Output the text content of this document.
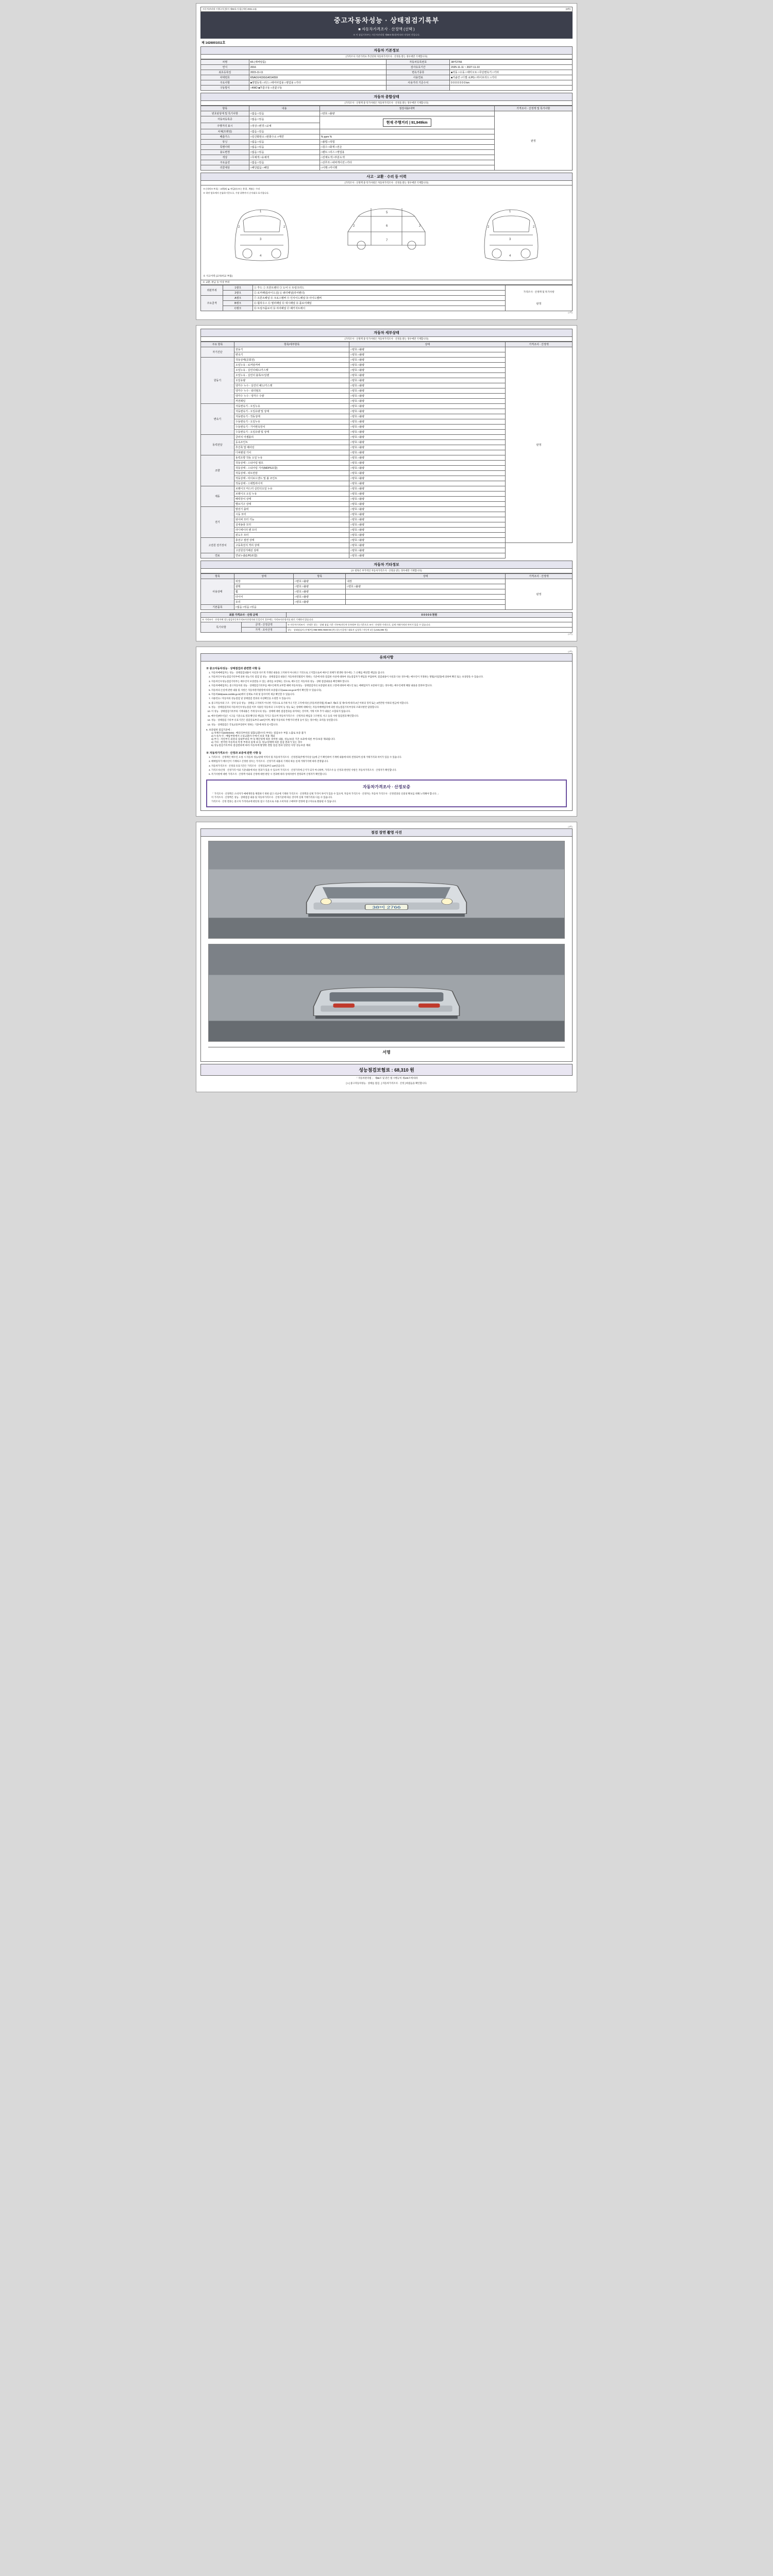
자동차관리법 시행규칙 [별지 제82호서식] (개정 2021.1.5)	(3쪽)
중고자동차성능 · 상태점검기록부
■ 자동차가격조사 · 산정액 (선택 )
※ 이 점검기록부는 자동차관리법 제58조제1항에 따라 작성된 것입니다.
제 1426001011호
자동차 기본정보
(가격조사 기준가격표 추산단위 자동차가격조사 · 산정을 받는 경우에만 기재합니다)
차명	K5 (세버알룸)	자동차등록번호	38머2766
연식	2016	검사유효기간	2025-11-11 ~ 2027-11-10
최초등록일	2015-11-11	변속기종류	■자동 □수동 □세미오토 □무단변속기 □기타
차대번호	KNAGV419GG401409X	사용연료	■가솔린 □디젤 □LPG □하이브리드 □기타
주요사항	■정밀등록 □리스 □대여사업용 □영업용 □기타	사용거리 기준수치	0 0 0 0 0 0 0 km
구동방식	□4WD ■후륜구동 □전륜구동		
자동차 종합상태
(가격조사 · 산정액 중 특가사항은 자동차가격조사 · 산정을 받는 경우에만 기재합니다)
항목	내용	점검내용/내역	가격조사 · 산정액 및 특가사항
번호판상태 및 특기사항	□없음 □있음	□양호 □불량	판정
자동차등록증	□없음 □있음	현재 주행거리 | 91,949km	
주행거리 표시	□정상 □변경 □교체		
차체(프레임)	□없음 □있음		
배출가스	□일산화탄소 □탄화수소 □매연	% ppm %	
튜닝	□없음 □있음	□불법 □적법	
특별이력	□없음 □있음	□침수 □화재 □전손	
용도변경	□없음 □있음	□렌트 □리스 □영업용	
색상	□무채색 □유채색	□전체도색 □부분도색	
주요옵션	□없음 □있음	□선루프 □내비게이션 □기타	
리콜대상	□해당없음 □해당	□이행 □미이행	
사고 · 교환 · 수리 등 이력
(가격조사 · 산정액 중 특가사항은 자동차가격조사 · 산정을 받는 경우에만 기재합니다)
※ (내제 X 부호) : 교환(X) ▲ 판금(A) 또는 용접 , 복(C) : 수리
※ 하단 암호에서 손톱하기준으로, 가장 위쪽까지 순서대로 표기합니다.
1
2	2
3
4
5
6
7
2	2
1
2	2
3
4
※ 사고이력 (교차/비교 부품)
※ 교환, 판금 등 이상 부위
외판부위	1랭크	① 후드 ② 프론트펜더 ③ 도어 ④ 트렁크리드	가격조사 · 산정액 및 특가사항
판정

	2랭크	⑤ 로커패널(사이드실) ⑥ 쿼터패널(리어펜더)	
주요골격	A랭크	⑦ 프론트패널 ⑧ 크로스멤버 ⑨ 인사이드패널 ⑩ 사이드멤버	
	B랭크	⑪ 휠하우스 ⑫ 필러패널 ⑬ 대시패널 ⑭ 플로어패널	
	C랭크	⑮ 트렁크플로어 ⑯ 리어패널 ⑰ 패키지트레이	
(1쪽)
자동차 세부상태
(가격조사 · 산정액 중 특가사항은 자동차가격조사 · 산정을 받는 경우에만 기재합니다)
주요 항목	항목/세부항목	상태	가격조사 · 산정액
자기진단	원동기	□양호 □불량	판정
	변속기	□양호 □불량	
원동기	작동상태(공회전)	□양호 □불량	
	오일누유 - 로커암커버	□양호 □불량	
	오일누유 - 실린더헤드/가스켓	□양호 □불량	
	오일누유 - 실린더 블록/오일팬	□양호 □불량	
	오일유량	□양호 □불량	
	냉각수 누수 - 실린더 헤드/가스켓	□양호 □불량	
	냉각수 누수 - 워터펌프	□양호 □불량	
	냉각수 누수 - 냉각수 수량	□양호 □불량	
	커먼레일	□양호 □불량	
변속기	자동변속기 - 오일누유	□양호 □불량	
	자동변속기 - 오일유량 및 상태	□양호 □불량	
	자동변속기 - 작동상태	□양호 □불량	
	수동변속기 - 오일누유	□양호 □불량	
	수동변속기 - 기어변속장치	□양호 □불량	
	수동변속기 - 오일유량 및 상태	□양호 □불량	
동력전달	클러치 어셈블리	□양호 □불량	
	등속조인트	□양호 □불량	
	추진축 및 베어링	□양호 □불량	
	디퍼렌셜 기어	□양호 □불량	
조향	동력조향 작동 오일 누유	□양호 □불량	
	작동상태 - 스티어링 펌프	□양호 □불량	
	작동상태 - 스티어링 기어(MDPS포함)	□양호 □불량	
	작동상태 - 피트먼암	□양호 □불량	
	작동상태 - 타이로드엔드 및 볼 조인트	□양호 □불량	
	작동상태 - 스테빌라이저	□양호 □불량	
제동	브레이크 마스터 실린더오일 누유	□양호 □불량	
	브레이크 오일 누유	□양호 □불량	
	배력장치 상태	□양호 □불량	
	밸브기구 상태	□양호 □불량	
전기	발전기 출력	□양호 □불량	
	시동 모터	□양호 □불량	
	와이퍼 모터 기능	□양호 □불량	
	실내송풍 모터	□양호 □불량	
	라디에이터 팬 모터	□양호 □불량	
	윈도우 모터	□양호 □불량	
고전원 전기장치	충전구 절연 상태	□양호 □불량	
	구동축전지 격리 상태	□양호 □불량	
	고전원전기배선 상태	□양호 □불량	
연료	연료누출(LPG포함)	□양호 □불량	
자동차 기타정보
(※ 항목은 부가적인 자동차가격조사 · 산정을 받는 경우에만 기재합니다)
항목	상태	항목	상태	가격조사 · 산정액
사용상태	외장	□양호 □불량	내장	판정
	광택	□양호 □불량	□양호 □불량	
	휠	□양호 □불량		
	타이어	□양호 □불량		
	유리	□양호 □불량		
기본품목	□없음 □있음 □있음			
최종 가격조사 · 산정 금액		0 0 0 0 0 천원
※ 가격조사 · 산정자에 성능점검자동차가격조사산정자와 동일인이 경우에는 가격조사산정자를 따로 기재하지 않습니다.		
특기사항	금액 - 산정금액	※ 자동차가격조사 · 산정은 성능 · 상태 점검 기준 기록부(자동차 등록원부 등) 기준으로 조사 · 산정한 가격으로, 실제 거래가격과 차이가 있을 수 있습니다.
	가격 · 조사산정	성능 · 상태점검자 (서명/인) 055-0091-6026-03 (주) 성능인증원 / 대표자 김성욱 / 자동차 1동 (1,531,694 원)
(1쪽)
(2쪽)
유의사항
※ 중고자동차성능 · 상태점검과 관련한 사항 등
1. 자동차매매업자는 성능 · 상태점검내용이 사실과 다르게 거래된 내용을 고지하지 아니하고 거짓으로 고지함으로써 매수인 피해가 발생한 경우에는 그 손해를 배상할 책임을 집니다.
2. 자동차인수성능점검기록부에 의한 성능기록 점검 및 성능 · 상태점검의 내용은 자동차관리법령이 정하는 기준에 따라 점검한 사실에 대하여 성능점검자가 책임을 부담하며, 점검내용이 사실과 다른 경우에는 매수인이 지정하는 방법(사업장)에 의하여 확인 또는 보상받을 수 있습니다.
3. 자동차인수성능점검기록부는 매수인이 보상받을 수 있는 권리를 보장하는 것으로, 매도인은 자동차의 성능 · 상태 점검내용을 확인해야 합니다.
4. 자동차매매업자는 중고자동차의 성능 · 상태점검기록부를 매수인에게 교부할 때에 자동차성능 · 상태점검자의 보증범위 외의 고장에 대하여 매도인 또는 매매업자가 보증하지 않는 경우에는 매수인에게 해당 내용을 알려야 합니다.
5. 자동차의 손실에 관한 내용 및 사항은 자동차관리법령에 따라 보증됩니다(www.car.go.kr에서 확인할 수 있습니다).
6. 자동차365(www.car365.go.kr)에서 실제로 조회 및 검사이력 제공 확인할 수 있습니다.
7. 사용연료 / 자동차의 성능점검 및 상태점검 결과의 사실확인을 요청할 수 있습니다.
8. 중고자동차의 구조 · 장치 등의 성능 · 상태를 고지하지 아니한 거짓으로 표기하거나 기간 고지에 따른 [자동차관리법] 제 80조 제6호 및 제7호에 따라 2년 이하의 징역 또는 2천만원 이하의 벌금에 처합니다.
9. 성능 · 상태점검자의 자동차인수성능점검 이후 사용된 자동차의 구조/장치 등 성능 또는 상태에 대해서는 자동차매매업자에 의한 성능점검기록부상의 조회사항만 담당합니다.
10. 이 성능 · 상태점검기록부의 기재내용은 거래 당시의 성능 · 상태에 대한 점검결과를 의미하는 것이며, 거래 이후 추가 내용은 포함되지 않습니다.
11. 매수인(매수인)은 시고를 기준으로 결과 확인의 책임을 가지고 있으며 자동차가격조사 · 산정자의 책임과 구조변경, 사고 등의 사항 점검결과 확인합니다.
12. 성능 · 상태점검 기록부 유효기간은 점검일로부터 120일이며, 해당 자동차의 주행거리 변경 등이 있는 경우에는 효력을 상실합니다.
13. 성능 · 상태점검은 국토교통부장관이 정하는 기준에 따라 실시합니다.
6. 보증범위 점검기준에 :
1) 차체수리(0/0/0/0/0) : 배터리부위의 접합/교환/수리 부위는 점검보수 부품 노출로 보증 불가
2) 누유/누수 : 배압부하에서 오일교환/누수에서 보증 적용 제외
3) 부식 : 자연부식 외장의 실내부위의 부식/ 페인팅에 따른 경미한 내용, 성능/보증 기간 초과에 따른 부식/보증 제외됩니다.
4) 기타 : 현저한 자동차의 특정 부위의 실제 외 등 성능/상태에 따른 점검 결과가 있는 경우
5) 성능점검기록부의 점검결과에 따라 자동차에 발생한 결함 점검 결과 연관된 사항 성능보증 제외
※ 자동차가격조사 · 산정과 보증에 관한 사항 등
1. 가격조사 · 산정액은 매수인 요청 시 자동차 성능/상태 이력서 및 자동차가격조사 · 산정결과(주행거리상 등)에 근거 확인하여 기재에 내용에 따라 결정되며 실제 거래가격과 차이가 있을 수 있습니다.
2. 매매업자가 매수인이 기재하고 산정한 경우는 가격조사 · 산정가격 내용의 기재의 따른 실제 거래가격에 따라 결정됩니다.
3. 자동차가격조사 · 산정의 유효기간은 가격조사 · 산정일로부터 120일입니다.
4. 가격조사/산정 · 산정가격 이외 기준내용에 따른 결과가 있을 수 있으며 가격조사 · 산정가격에 근거가 되지 아니하며, 가격조사 등 산정과 관련된 사항은 자동차가격조사 · 산정자가 확인합니다.
5. 특가사항에 대한 가격조사 · 산정액 이외의 산정에 대한 판단 시 결과에 따라 상세사항이 결정되며 산정자가 확인합니다.
자동차가격조사 · 산정보증

「 가격조사 · 산정액은 소비자가 매매계약을 체결하기 위한 참고 비교에 기재한 가격조사 · 산정액과 실제 가격이 차이가 있을 수 있으며, 자동차 가격조사 · 산정자는 자동차 가격조사 · 산정결과의 신뢰성 확보를 위해 노력해야 합니다. 」

이 가격조사 · 산정액은 성능 · 상태점검 내용 및 자동차가격조사 · 산정기준에 따른 것이며 실제 거래가격과 다를 수 있습니다.

가격조사 · 산정 결과는 중고차 가격비교에 판단의 참고 기준으로 사용 소비자의 구매여부 결정에 참고자료로 활용될 수 있습니다.

(3쪽)
점검 장면 촬영 사진
38머 2766
서명
성능점검보험료 : 68,310 원
「 자동차관리법 」 제58조 및 같은 법 시행규칙 제100조에 따라
[ 1 ] 중고자동차성능 · 상태를 점검 , [ 자동차가격조사 · 산정 ] 하였음을 확인합니다.
